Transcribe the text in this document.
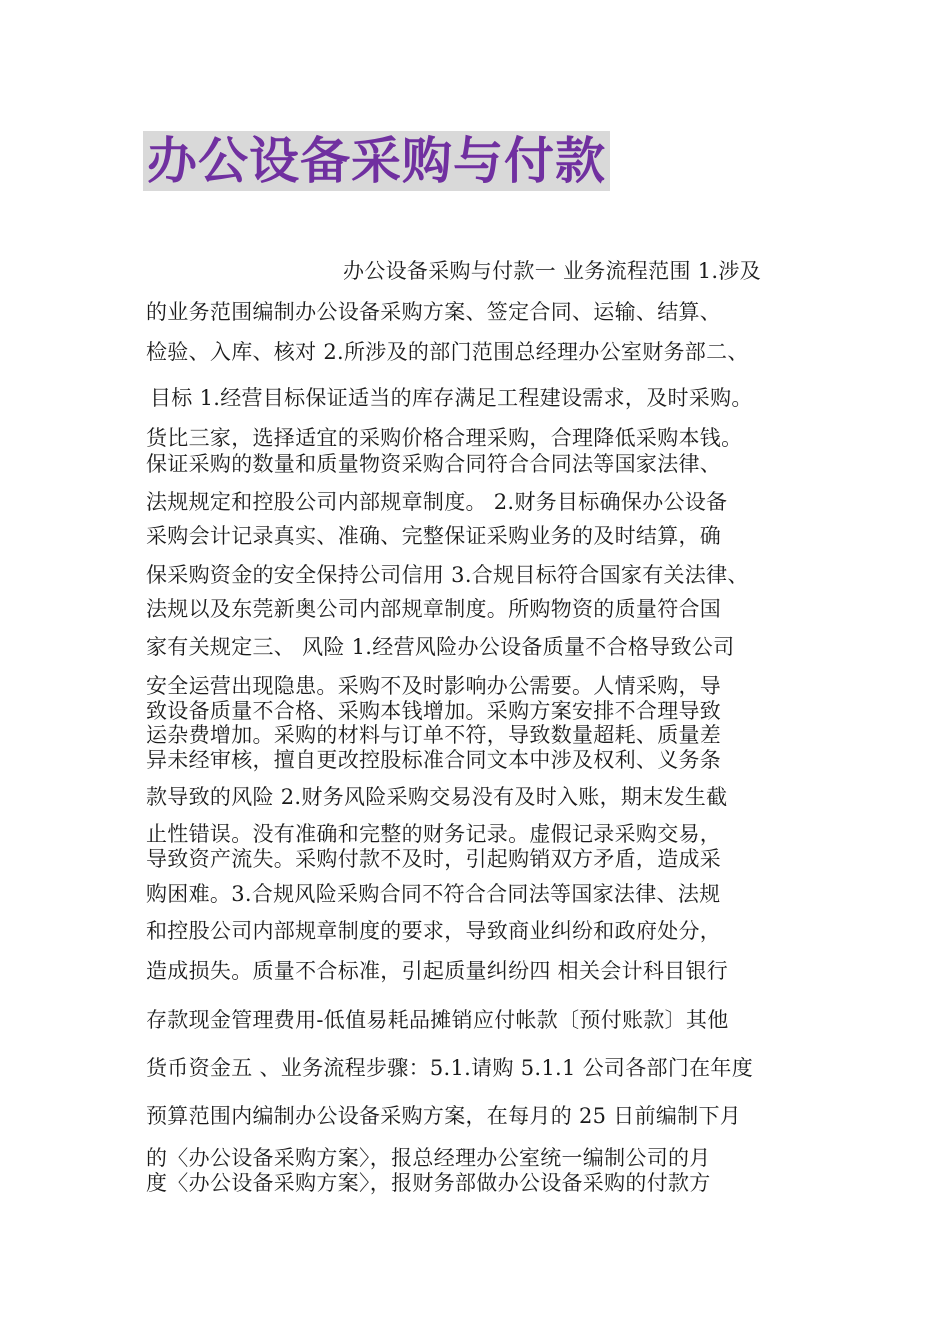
办公设备采购与付款
办公设备采购与付款一 业务流程范围 1.涉及
的业务范围编制办公设备采购方案、签定合同、运输、结算、
检验、入库、核对 2.所涉及的部门范围总经理办公室财务部二、
目标 1.经营目标保证适当的库存满足工程建设需求，及时采购。
货比三家，选择适宜的采购价格合理采购，合理降低采购本钱。
保证采购的数量和质量物资采购合同符合合同法等国家法律、
法规规定和控股公司内部规章制度。 2.财务目标确保办公设备
采购会计记录真实、准确、完整保证采购业务的及时结算，确
保采购资金的安全保持公司信用 3.合规目标符合国家有关法律、
法规以及东莞新奥公司内部规章制度。所购物资的质量符合国
家有关规定三、 风险 1.经营风险办公设备质量不合格导致公司
安全运营出现隐患。采购不及时影响办公需要。人情采购，导
致设备质量不合格、采购本钱增加。采购方案安排不合理导致
运杂费增加。采购的材料与订单不符，导致数量超耗、质量差
异未经审核，擅自更改控股标准合同文本中涉及权利、义务条
款导致的风险 2.财务风险采购交易没有及时入账，期末发生截
止性错误。没有准确和完整的财务记录。虚假记录采购交易，
导致资产流失。采购付款不及时，引起购销双方矛盾，造成采
购困难。3.合规风险采购合同不符合合同法等国家法律、法规
和控股公司内部规章制度的要求，导致商业纠纷和政府处分，
造成损失。质量不合标准，引起质量纠纷四 相关会计科目银行
存款现金管理费用-低值易耗品摊销应付帐款〔预付账款〕其他
货币资金五 、业务流程步骤：5.1.请购 5.1.1 公司各部门在年度
预算范围内编制办公设备采购方案，在每月的 25 日前编制下月
的〈办公设备采购方案〉，报总经理办公室统一编制公司的月
度〈办公设备采购方案〉，报财务部做办公设备采购的付款方
